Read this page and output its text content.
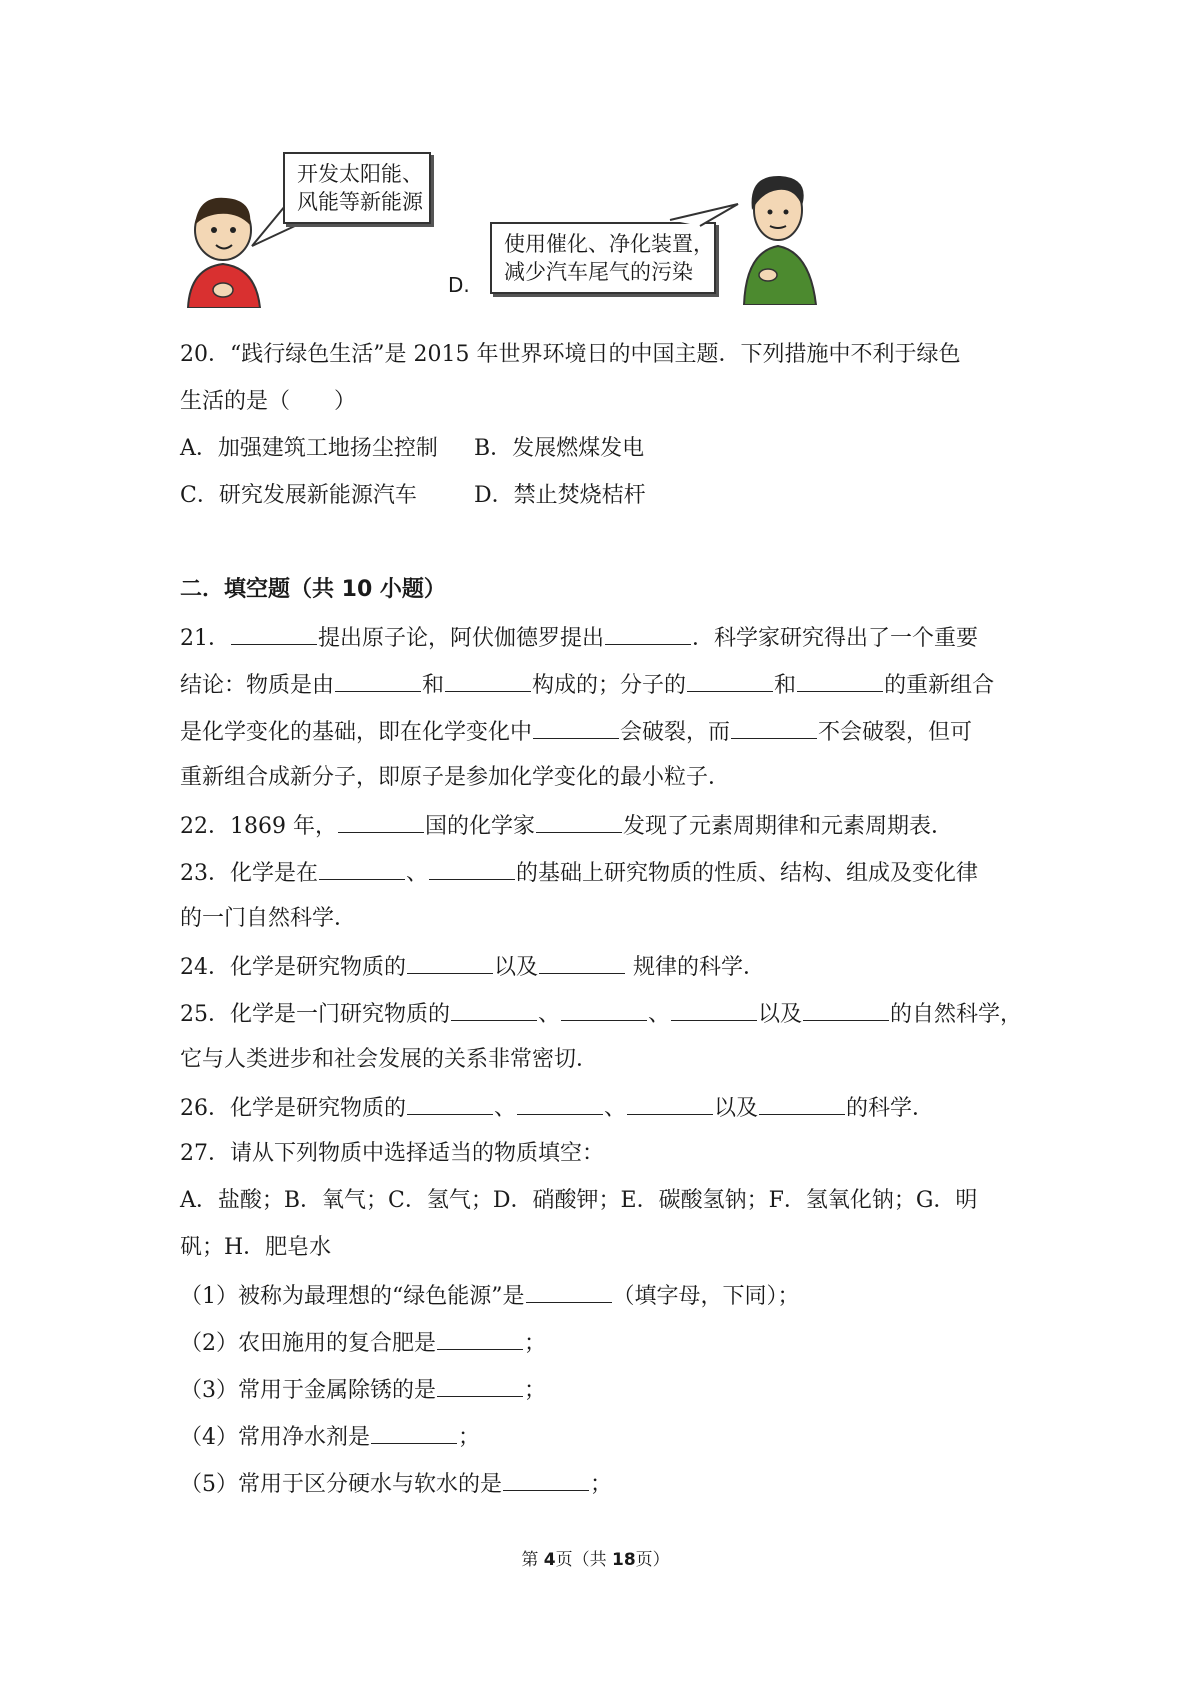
开发太阳能、
风能等新能源
D.
使用催化、净化装置，
减少汽车尾气的污染
20．“践行绿色生活”是 2015 年世界环境日的中国主题．下列措施中不利于绿色
生活的是（　　）
A．加强建筑工地扬尘控制 B．发展燃煤发电
C．研究发展新能源汽车	D．禁止焚烧桔杆
二．填空题（共 10 小题）
21．	提出原子论，阿伏伽德罗提出	．科学家研究得出了一个重要
结论：物质是由	和	构成的；分子的	和	的重新组合
是化学变化的基础，即在化学变化中	会破裂，而	不会破裂，但可
重新组合成新分子，即原子是参加化学变化的最小粒子．
22．1869 年，	国的化学家	发现了元素周期律和元素周期表．
23．化学是在	、	的基础上研究物质的性质、结构、组成及变化律
的一门自然科学．
24．化学是研究物质的	以及	规律的科学．
25．化学是一门研究物质的	、	、	以及	的自然科学，
它与人类进步和社会发展的关系非常密切．
26．化学是研究物质的	、	、	以及	的科学．
27．请从下列物质中选择适当的物质填空：
A．盐酸；B．氧气；C．氢气；D．硝酸钾；E．碳酸氢钠；F．氢氧化钠；G．明
矾；H．肥皂水
（1）被称为最理想的“绿色能源”是	（填字母，下同）；
（2）农田施用的复合肥是	；
（3）常用于金属除锈的是	；
（4）常用净水剂是	；
（5）常用于区分硬水与软水的是	；
第 4页（共 18页）
